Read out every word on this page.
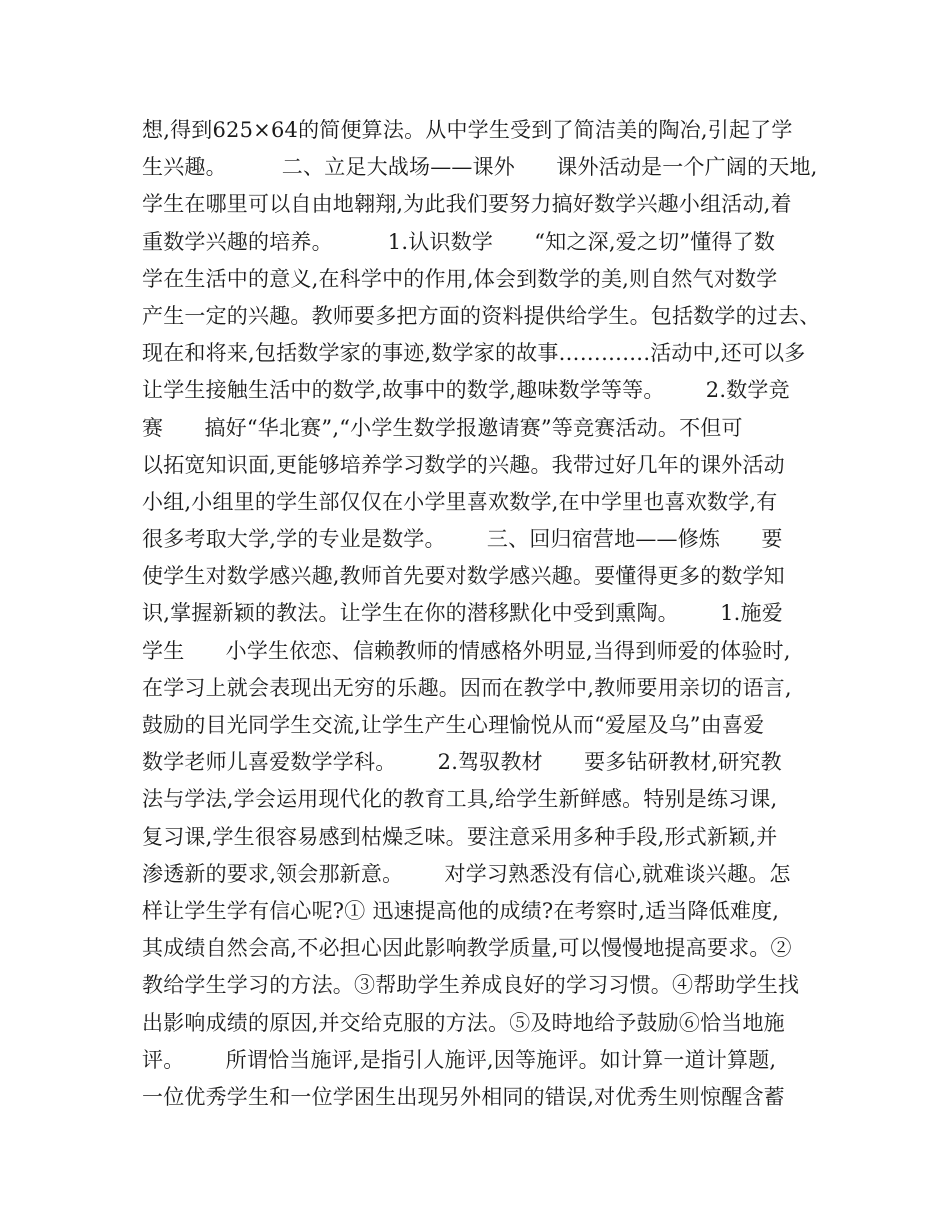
想,得到625×64的简便算法。从中学生受到了简洁美的陶冶,引起了学
生兴趣。        二、立足大战场——课外      课外活动是一个广阔的天地,
学生在哪里可以自由地翱翔,为此我们要努力搞好数学兴趣小组活动,着
重数学兴趣的培养。        1.认识数学      “知之深,爱之切”懂得了数
学在生活中的意义,在科学中的作用,体会到数学的美,则自然气对数学
产生一定的兴趣。教师要多把方面的资料提供给学生。包括数学的过去、
现在和将来,包括数学家的事迹,数学家的故事………….活动中,还可以多
让学生接触生活中的数学,故事中的数学,趣味数学等等。      2.数学竞
赛      搞好“华北赛”,“小学生数学报邀请赛”等竞赛活动。不但可
以拓宽知识面,更能够培养学习数学的兴趣。我带过好几年的课外活动
小组,小组里的学生部仅仅在小学里喜欢数学,在中学里也喜欢数学,有
很多考取大学,学的专业是数学。      三、回归宿营地——修炼      要
使学生对数学感兴趣,教师首先要对数学感兴趣。要懂得更多的数学知
识,掌握新颖的教法。让学生在你的潜移默化中受到熏陶。      1.施爱
学生      小学生依恋、信赖教师的情感格外明显,当得到师爱的体验时,
在学习上就会表现出无穷的乐趣。因而在教学中,教师要用亲切的语言,
鼓励的目光同学生交流,让学生产生心理愉悦从而“爱屋及乌”由喜爱
数学老师儿喜爱数学学科。      2.驾驭教材      要多钻研教材,研究教
法与学法,学会运用现代化的教育工具,给学生新鲜感。特别是练习课,
复习课,学生很容易感到枯燥乏味。要注意采用多种手段,形式新颖,并
渗透新的要求,领会那新意。      对学习熟悉没有信心,就难谈兴趣。怎
样让学生学有信心呢?① 迅速提高他的成绩?在考察时,适当降低难度,
其成绩自然会高,不必担心因此影响教学质量,可以慢慢地提高要求。②
教给学生学习的方法。③帮助学生养成良好的学习习惯。④帮助学生找
出影响成绩的原因,并交给克服的方法。⑤及時地给予鼓励⑥恰当地施
评。      所谓恰当施评,是指引人施评,因等施评。如计算一道计算题,
一位优秀学生和一位学困生出现另外相同的错误,对优秀生则惊醒含蓄
